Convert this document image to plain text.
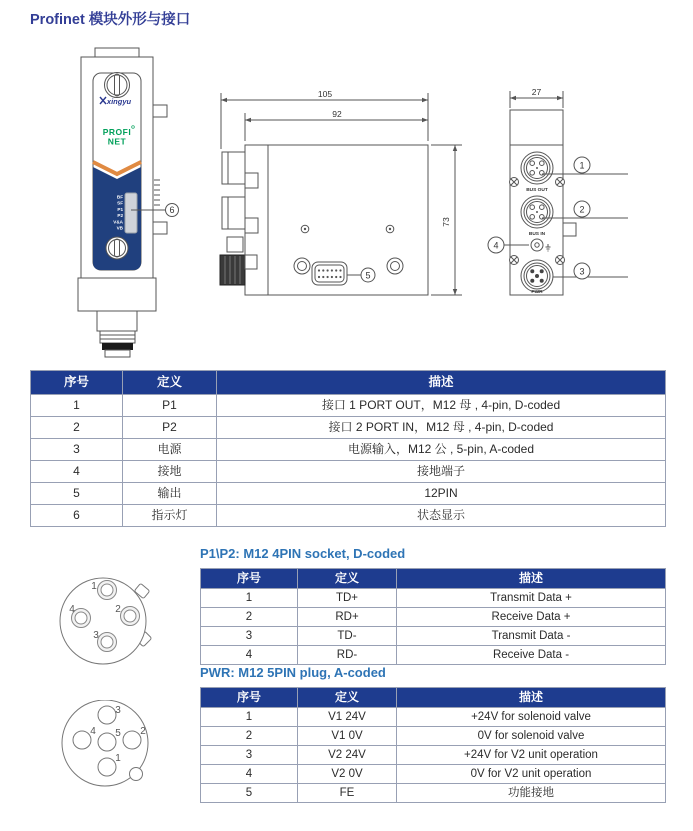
Profinet 模块外形与接口
xingyu
PROFI
NET
BF
SF
P1
P2
V&A
VB
6
105
92
73
5
27
BUS OUT
1
BUS IN
2
4
PWR
3
序号	定义	描述
1	P1	接口 1 PORT OUT，M12 母 , 4-pin, D-coded
2	P2	接口 2 PORT IN，M12 母 , 4-pin, D-coded
3	电源	电源输入，M12 公 , 5-pin, A-coded
4	接地	接地端子
5	输出	12PIN
6	指示灯	状态显示
P1\P2: M12 4PIN socket, D-coded
1
2
3
4
序号	定义	描述
1	TD+	Transmit Data +
2	RD+	Receive Data +
3	TD-	Transmit Data -
4	RD-	Receive Data -
PWR: M12 5PIN plug, A-coded
3
4 5 2
1
序号	定义	描述
1	V1 24V	+24V for solenoid valve
2	V1 0V	0V for solenoid valve
3	V2 24V	+24V for V2 unit operation
4	V2 0V	0V for V2 unit operation
5	FE	功能接地
